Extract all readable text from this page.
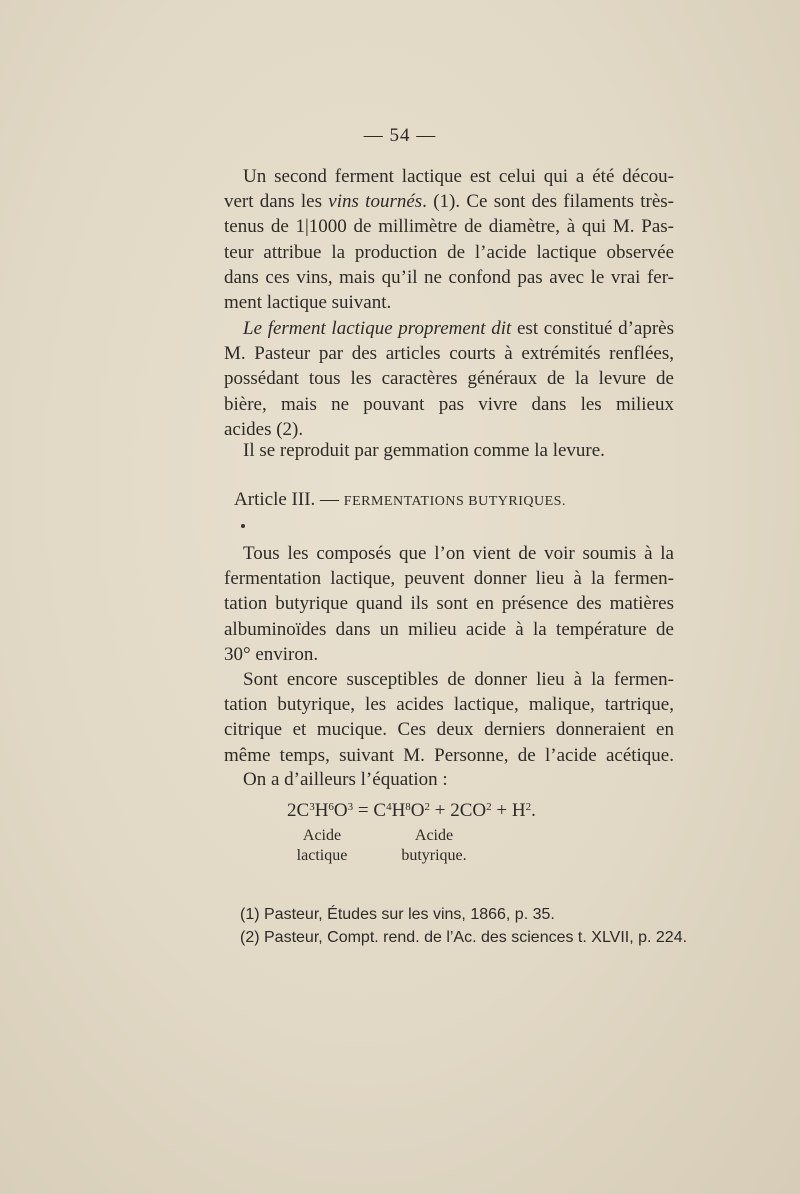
— 54 —
Un second ferment lactique est celui qui a été décou-
vert dans les vins tournés. (1). Ce sont des filaments très-
tenus de 1|1000 de millimètre de diamètre, à qui M. Pas-
teur attribue la production de l’acide lactique observée
dans ces vins, mais qu’il ne confond pas avec le vrai fer-
ment lactique suivant.
Le ferment lactique proprement dit est constitué d’après
M. Pasteur par des articles courts à extrémités renflées,
possédant tous les caractères généraux de la levure de
bière, mais ne pouvant pas vivre dans les milieux
acides (2).
Il se reproduit par gemmation comme la levure.
Article III. — FERMENTATIONS BUTYRIQUES.
Tous les composés que l’on vient de voir soumis à la
fermentation lactique, peuvent donner lieu à la fermen-
tation butyrique quand ils sont en présence des matières
albuminoïdes dans un milieu acide à la température de
30° environ.
Sont encore susceptibles de donner lieu à la fermen-
tation butyrique, les acides lactique, malique, tartrique,
citrique et mucique. Ces deux derniers donneraient en
même temps, suivant M. Personne, de l’acide acétique.
On a d’ailleurs l’équation :
$2C^3H^6O^3 = C^4H^8O^2 + 2CO^2 + H^2$.
Acide
lactique
Acide
butyrique.
(1) Pasteur, Études sur les vins, 1866, p. 35.
(2) Pasteur, Compt. rend. de l’Ac. des sciences t. XLVII, p. 224.
